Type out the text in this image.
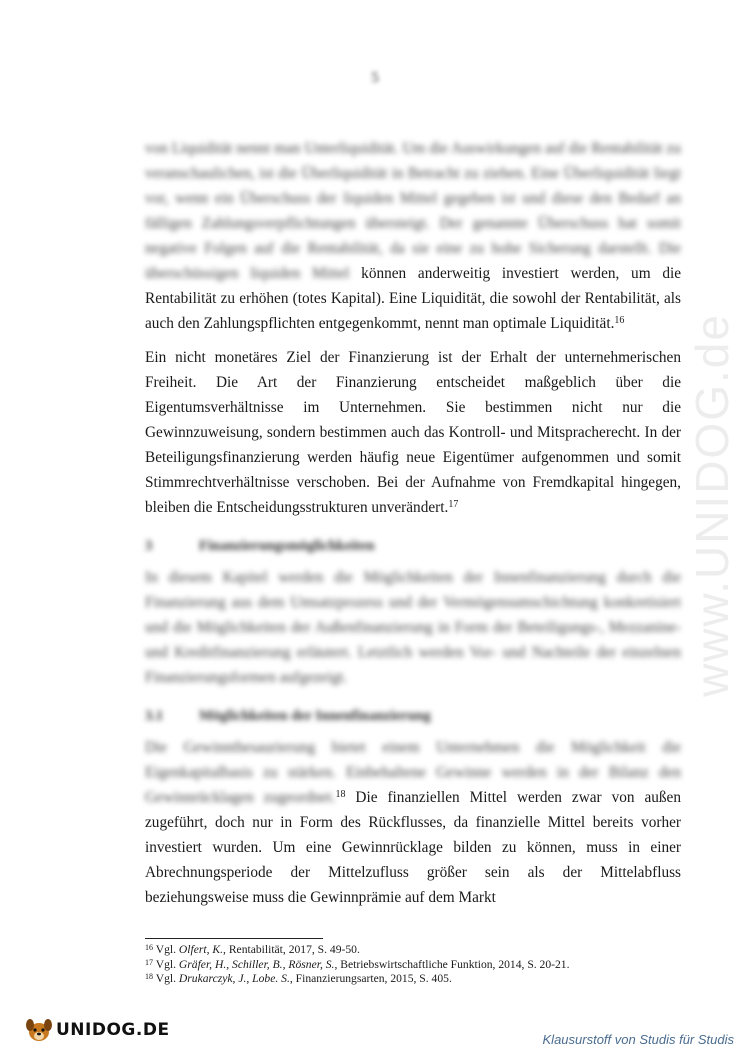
www.UNIDOG.de
5

von Liquidität nennt man Unterliquidität. Um die Auswirkungen auf die Rentabilität zu veranschaulichen, ist die Überliquidität in Betracht zu ziehen. Eine Überliquidität liegt vor, wenn ein Überschuss der liquiden Mittel gegeben ist und diese den Bedarf an fälligen Zahlungsverpflichtungen übersteigt. Der genannte Überschuss hat somit negative Folgen auf die Rentabilität, da sie eine zu hohe Sicherung darstellt. Die überschüssigen liquiden Mittel können anderweitig investiert werden, um die Rentabilität zu erhöhen (totes Kapital). Eine Liquidität, die sowohl der Rentabilität, als auch den Zahlungspflichten entgegenkommt, nennt man optimale Liquidität.$^{16}$

Ein nicht monetäres Ziel der Finanzierung ist der Erhalt der unternehmerischen Freiheit. Die Art der Finanzierung entscheidet maßgeblich über die Eigentumsverhältnisse im Unternehmen. Sie bestimmen nicht nur die Gewinnzuweisung, sondern bestimmen auch das Kontroll- und Mitspracherecht. In der Beteiligungsfinanzierung werden häufig neue Eigentümer aufgenommen und somit Stimmrechtverhältnisse verschoben. Bei der Aufnahme von Fremdkapital hingegen, bleiben die Entscheidungsstrukturen unverändert.$^{17}$

3	Finanzierungsmöglichkeiten

In diesem Kapitel werden die Möglichkeiten der Innenfinanzierung durch die Finanzierung aus dem Umsatzprozess und der Vermögensumschichtung konkretisiert und die Möglichkeiten der Außenfinanzierung in Form der Beteiligungs-, Mezzanine- und Kreditfinanzierung erläutert. Letztlich werden Vor- und Nachteile der einzelnen Finanzierungsformen aufgezeigt.

3.1	Möglichkeiten der Innenfinanzierung

Die Gewinnthesaurierung bietet einem Unternehmen die Möglichkeit die Eigenkapitalbasis zu stärken. Einbehaltene Gewinne werden in der Bilanz den Gewinnrücklagen zugeordnet.$^{18}$ Die finanziellen Mittel werden zwar von außen zugeführt, doch nur in Form des Rückflusses, da finanzielle Mittel bereits vorher investiert wurden. Um eine Gewinnrücklage bilden zu können, muss in einer Abrechnungsperiode der Mittelzufluss größer sein als der Mittelabfluss beziehungsweise muss die Gewinnprämie auf dem Markt

$^{16}$ Vgl. Olfert, K., Rentabilität, 2017, S. 49-50.
$^{17}$ Vgl. Gräfer, H., Schiller, B., Rösner, S., Betriebswirtschaftliche Funktion, 2014, S. 20-21.
$^{18}$ Vgl. Drukarczyk, J., Lobe. S., Finanzierungsarten, 2015, S. 405.
UNIDOG.DE	Klausurstoff von Studis für Studis
